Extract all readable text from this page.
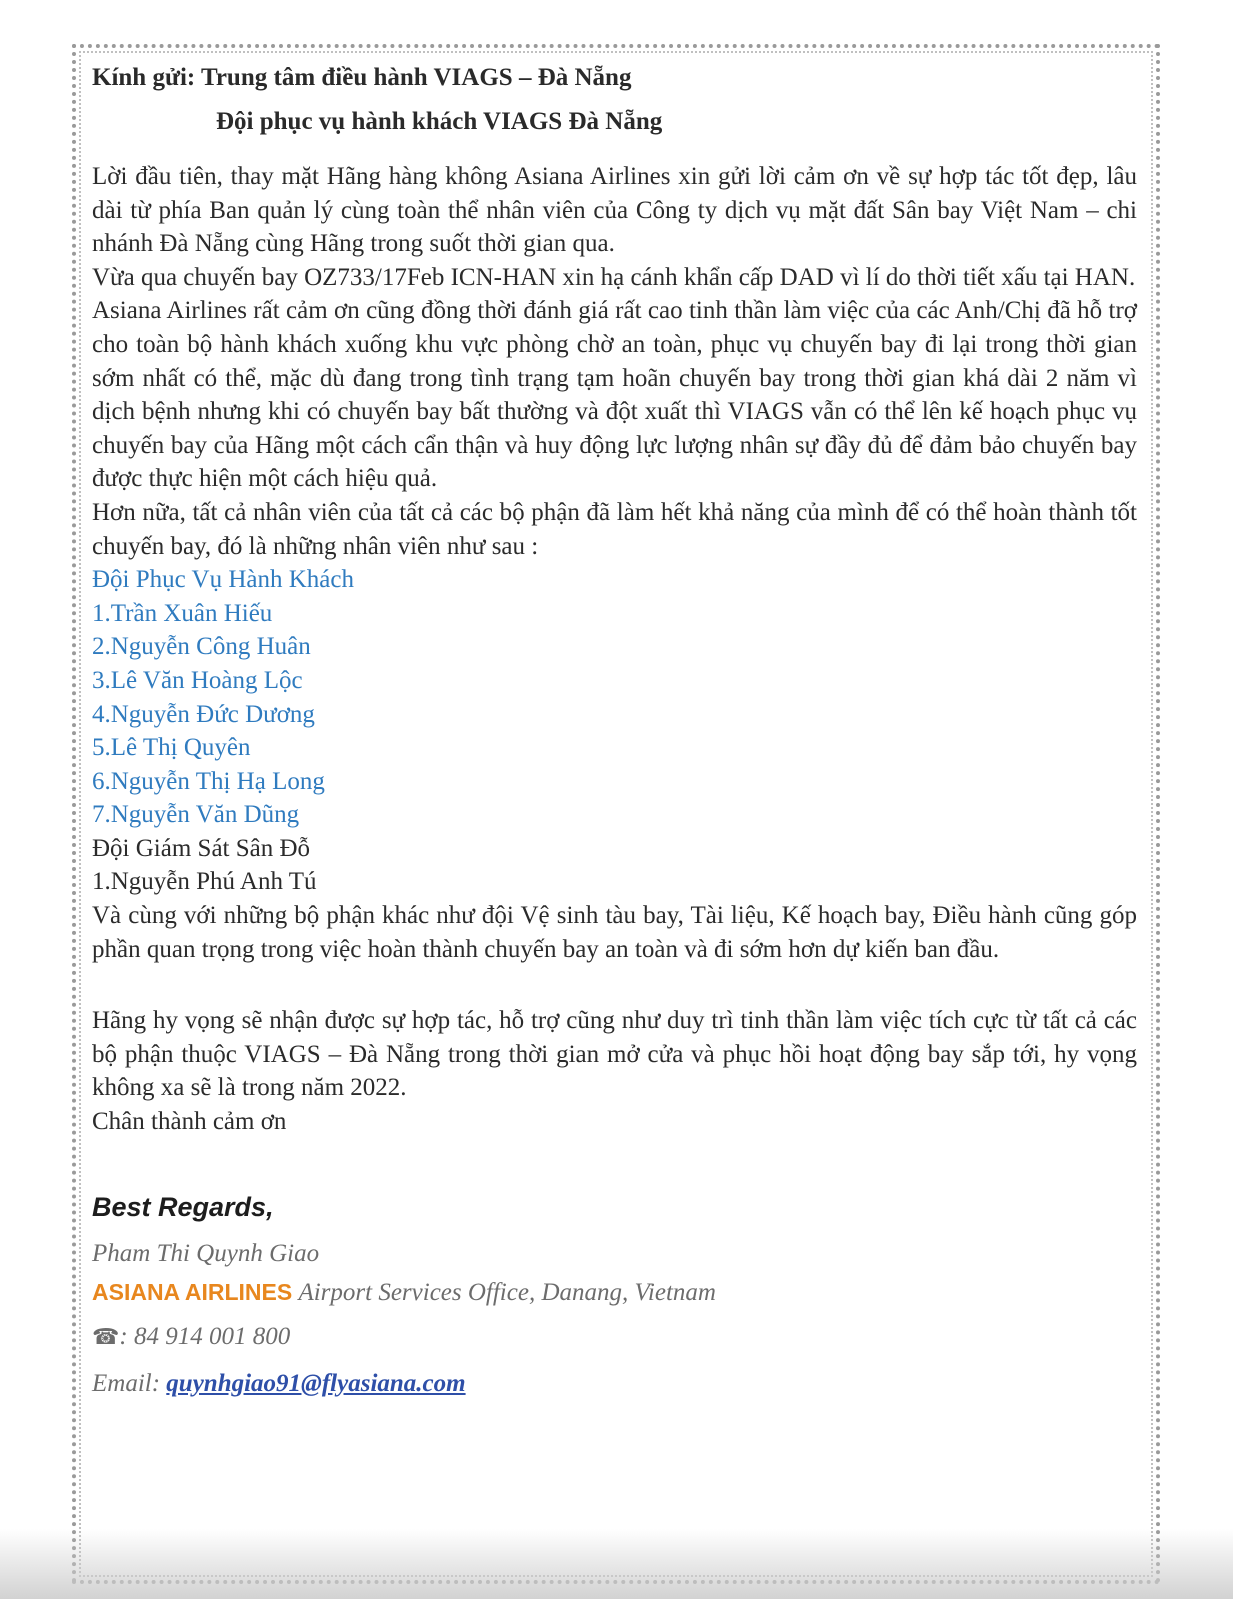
Kính gửi: Trung tâm điều hành VIAGS – Đà Nẵng
Đội phục vụ hành khách VIAGS Đà Nẵng

Lời đầu tiên, thay mặt Hãng hàng không Asiana Airlines xin gửi lời cảm ơn về sự hợp tác tốt đẹp, lâu dài từ phía Ban quản lý cùng toàn thể nhân viên của Công ty dịch vụ mặt đất Sân bay Việt Nam – chi nhánh Đà Nẵng cùng Hãng trong suốt thời gian qua.

Vừa qua chuyến bay OZ733/17Feb ICN-HAN xin hạ cánh khẩn cấp DAD vì lí do thời tiết xấu tại HAN.

Asiana Airlines rất cảm ơn cũng đồng thời đánh giá rất cao tinh thần làm việc của các Anh/Chị đã hỗ trợ cho toàn bộ hành khách xuống khu vực phòng chờ an toàn, phục vụ chuyến bay đi lại trong thời gian sớm nhất có thể, mặc dù đang trong tình trạng tạm hoãn chuyến bay trong thời gian khá dài 2 năm vì dịch bệnh nhưng khi có chuyến bay bất thường và đột xuất thì VIAGS vẫn có thể lên kế hoạch phục vụ chuyến bay của Hãng một cách cẩn thận và huy động lực lượng nhân sự đầy đủ để đảm bảo chuyến bay được thực hiện một cách hiệu quả.

Hơn nữa, tất cả nhân viên của tất cả các bộ phận đã làm hết khả năng của mình để có thể hoàn thành tốt chuyến bay, đó là những nhân viên như sau :

Đội Phục Vụ Hành Khách
1.Trần Xuân Hiếu
2.Nguyễn Công Huân
3.Lê Văn Hoàng Lộc
4.Nguyễn Đức Dương
5.Lê Thị Quyên
6.Nguyễn Thị Hạ Long
7.Nguyễn Văn Dũng
Đội Giám Sát Sân Đỗ
1.Nguyễn Phú Anh Tú

Và cùng với những bộ phận khác như đội Vệ sinh tàu bay, Tài liệu, Kế hoạch bay, Điều hành cũng góp phần quan trọng trong việc hoàn thành chuyến bay an toàn và đi sớm hơn dự kiến ban đầu.

Hãng hy vọng sẽ nhận được sự hợp tác, hỗ trợ cũng như duy trì tinh thần làm việc tích cực từ tất cả các bộ phận thuộc VIAGS – Đà Nẵng trong thời gian mở cửa và phục hồi hoạt động bay sắp tới, hy vọng không xa sẽ là trong năm 2022.

Chân thành cảm ơn
Best Regards,
Pham Thi Quynh Giao
ASIANA AIRLINES Airport Services Office, Danang, Vietnam
☎: 84 914 001 800
Email: quynhgiao91@flyasiana.com
